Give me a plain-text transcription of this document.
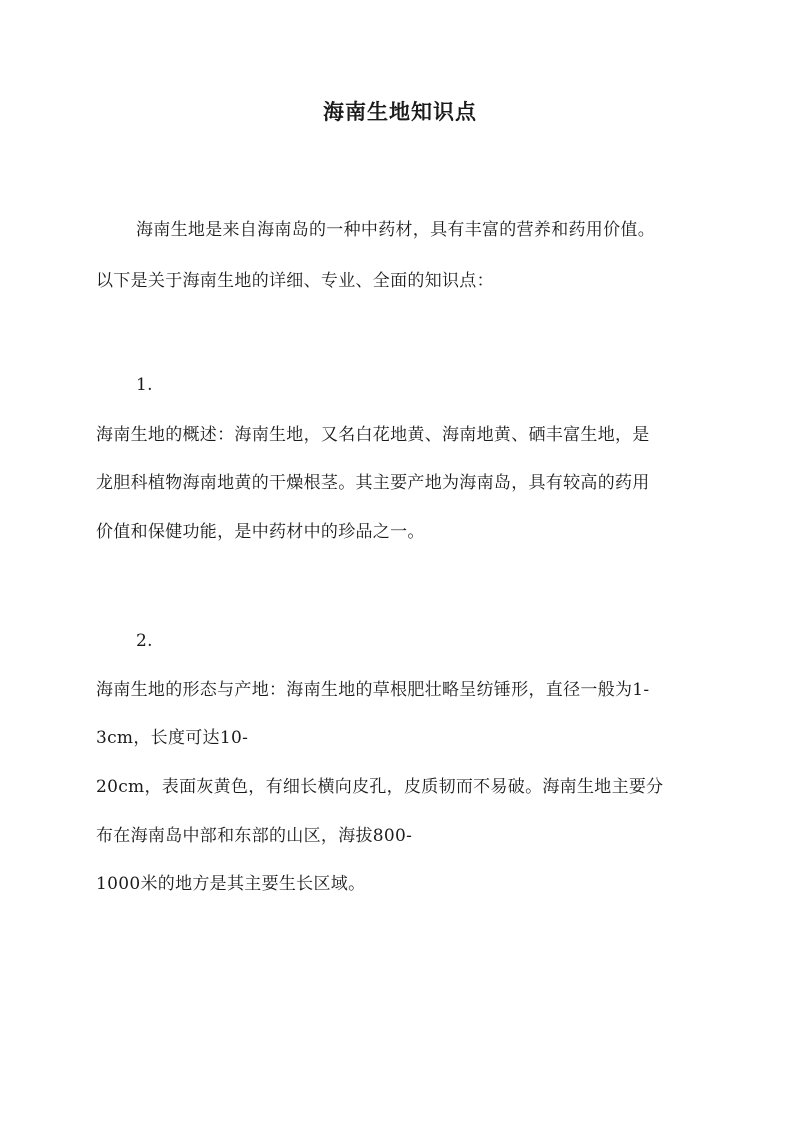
海南生地知识点
海南生地是来自海南岛的一种中药材，具有丰富的营养和药用价值。
以下是关于海南生地的详细、专业、全面的知识点：
1.
海南生地的概述：海南生地，又名白花地黄、海南地黄、硒丰富生地，是
龙胆科植物海南地黄的干燥根茎。其主要产地为海南岛，具有较高的药用
价值和保健功能，是中药材中的珍品之一。
2.
海南生地的形态与产地：海南生地的草根肥壮略呈纺锤形，直径一般为1-
3cm，长度可达10-
20cm，表面灰黄色，有细长横向皮孔，皮质韧而不易破。海南生地主要分
布在海南岛中部和东部的山区，海拔800-
1000米的地方是其主要生长区域。
